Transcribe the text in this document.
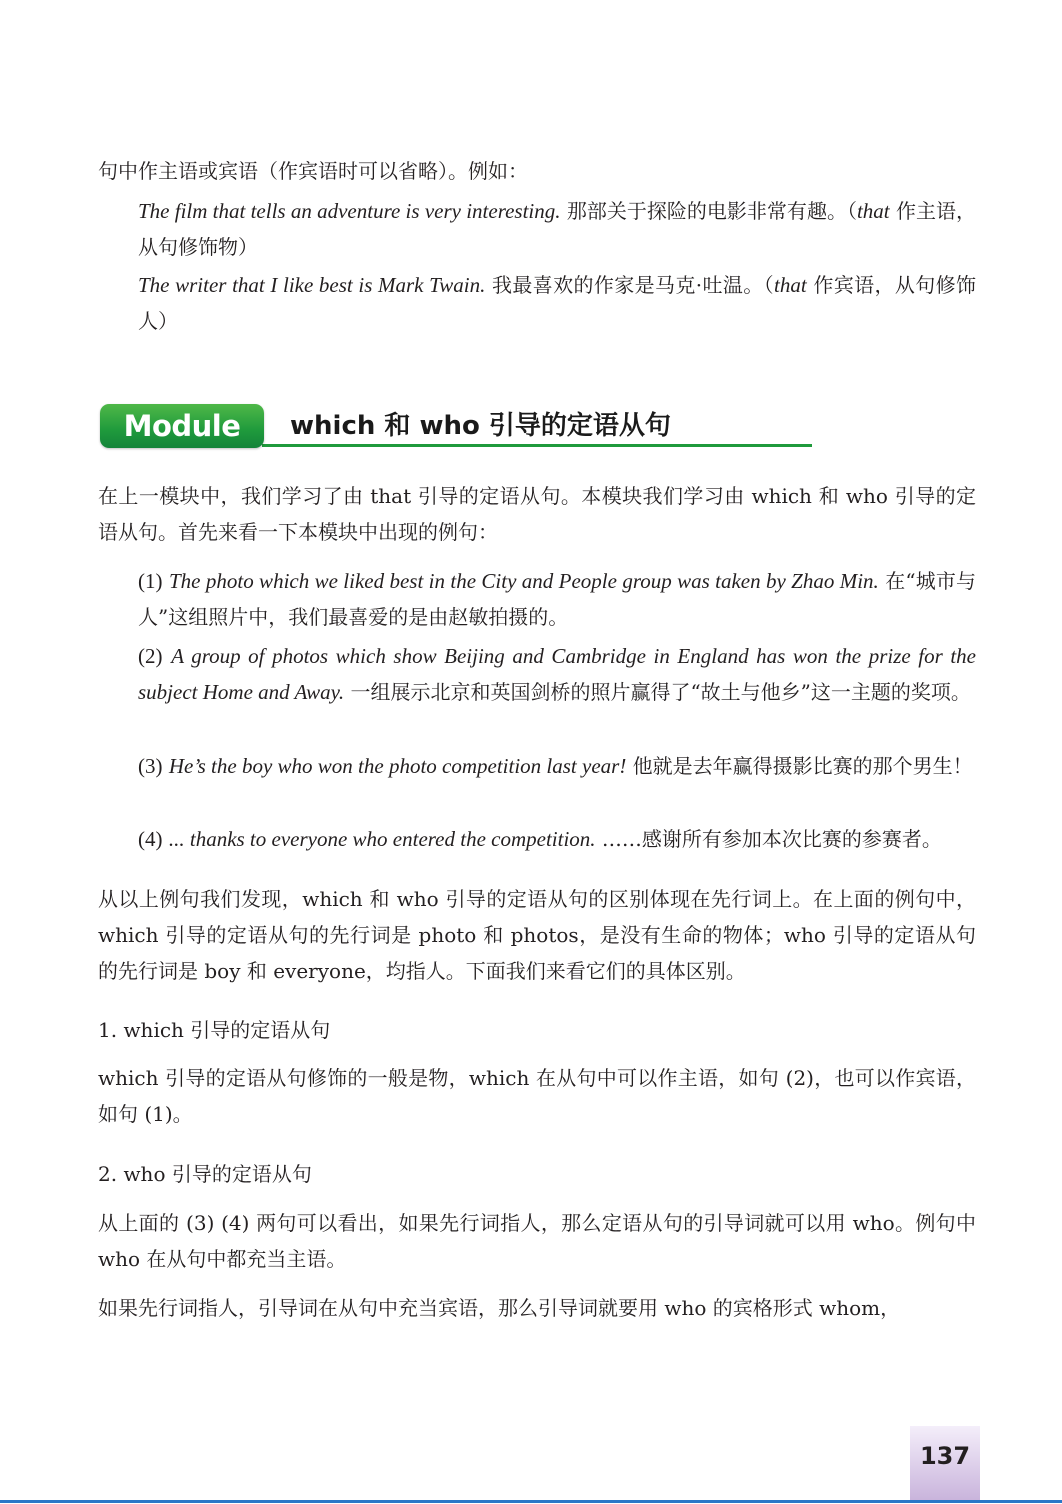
句中作主语或宾语（作宾语时可以省略）。例如：

The film that tells an adventure is very interesting. 那部关于探险的电影非常有趣。（that 作主语，从句修饰物）

The writer that I like best is Mark Twain. 我最喜欢的作家是马克·吐温。（that 作宾语，从句修饰人）

Module 11
which 和 who 引导的定语从句

在上一模块中，我们学习了由 that 引导的定语从句。本模块我们学习由 which 和 who 引导的定语从句。首先来看一下本模块中出现的例句：

(1) The photo which we liked best in the City and People group was taken by Zhao Min. 在“城市与人”这组照片中，我们最喜爱的是由赵敏拍摄的。

(2) A group of photos which show Beijing and Cambridge in England has won the prize for the subject Home and Away. 一组展示北京和英国剑桥的照片赢得了“故土与他乡”这一主题的奖项。

(3) He’s the boy who won the photo competition last year! 他就是去年赢得摄影比赛的那个男生！

(4) ... thanks to everyone who entered the competition. ……感谢所有参加本次比赛的参赛者。

从以上例句我们发现，which 和 who 引导的定语从句的区别体现在先行词上。在上面的例句中，which 引导的定语从句的先行词是 photo 和 photos，是没有生命的物体；who 引导的定语从句的先行词是 boy 和 everyone，均指人。下面我们来看它们的具体区别。

1. which 引导的定语从句

which 引导的定语从句修饰的一般是物，which 在从句中可以作主语，如句 (2)，也可以作宾语，如句 (1)。

2. who 引导的定语从句

从上面的 (3) (4) 两句可以看出，如果先行词指人，那么定语从句的引导词就可以用 who。例句中 who 在从句中都充当主语。

如果先行词指人，引导词在从句中充当宾语，那么引导词就要用 who 的宾格形式 whom，

137
